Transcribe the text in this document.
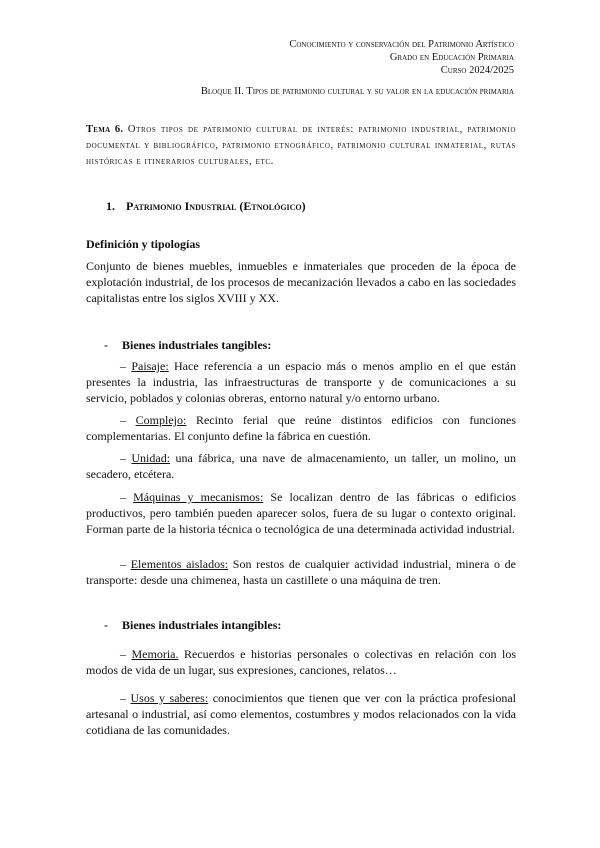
Conocimiento y conservación del Patrimonio Artístico
Grado en Educación Primaria
Curso 2024/2025
Bloque II. Tipos de patrimonio cultural y su valor en la educación primaria
Tema 6. Otros tipos de patrimonio cultural de interés: patrimonio industrial, patrimonio documental y bibliográfico, patrimonio etnográfico, patrimonio cultural inmaterial, rutas históricas e itinerarios culturales, etc.
1. Patrimonio Industrial (Etnológico)
Definición y tipologías

Conjunto de bienes muebles, inmuebles e inmateriales que proceden de la época de explotación industrial, de los procesos de mecanización llevados a cabo en las sociedades capitalistas entre los siglos XVIII y XX.

- Bienes industriales tangibles:

– Paisaje: Hace referencia a un espacio más o menos amplio en el que están presentes la industria, las infraestructuras de transporte y de comunicaciones a su servicio, poblados y colonias obreras, entorno natural y/o entorno urbano.

– Complejo: Recinto ferial que reúne distintos edificios con funciones complementarias. El conjunto define la fábrica en cuestión.

– Unidad: una fábrica, una nave de almacenamiento, un taller, un molino, un secadero, etcétera.

– Máquinas y mecanismos: Se localizan dentro de las fábricas o edificios productivos, pero también pueden aparecer solos, fuera de su lugar o contexto original. Forman parte de la historia técnica o tecnológica de una determinada actividad industrial.

– Elementos aislados: Son restos de cualquier actividad industrial, minera o de transporte: desde una chimenea, hasta un castillete o una máquina de tren.

- Bienes industriales intangibles:

– Memoria. Recuerdos e historias personales o colectivas en relación con los modos de vida de un lugar, sus expresiones, canciones, relatos…

– Usos y saberes: conocimientos que tienen que ver con la práctica profesional artesanal o industrial, así como elementos, costumbres y modos relacionados con la vida cotidiana de las comunidades.
